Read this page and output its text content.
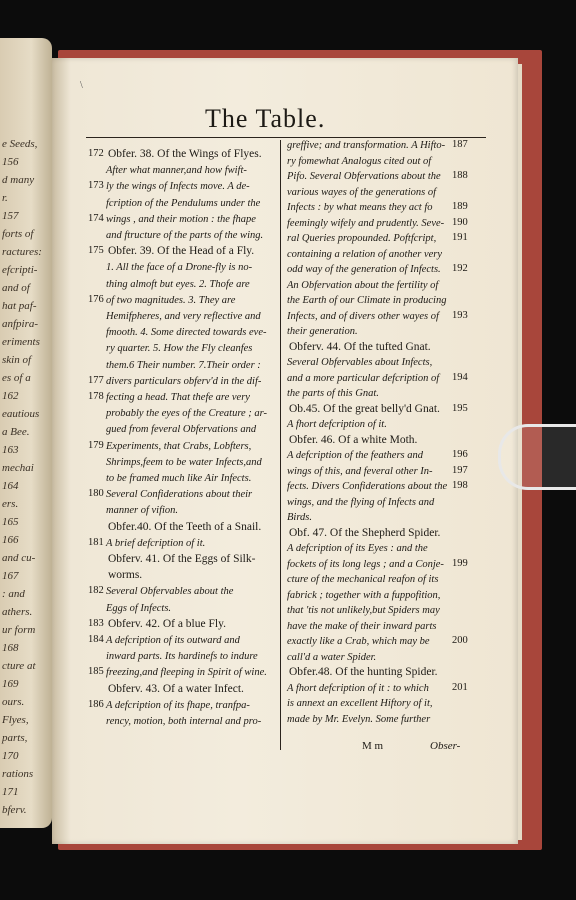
e Seeds,
156
d many
r.
157
forts of
ractures:
efcripti-
and of
hat paf-
anfpira-
eriments
skin of
es of a
162
eautious
a Bee.
163
mechai
164
ers.
165
166
and cu-
167
: and
athers.
ur form
168
cture at
169
ours.
Flyes,
parts,
170
rations
171
bferv.
\
The Table.
172 Obfer. 38. Of the Wings of Flyes.
After what manner,and how fwift-
173 ly the wings of Infects move. A de-
fcription of the Pendulums under the
174 wings , and their motion : the fhape
and ftructure of the parts of the wing.
175 Obfer. 39. Of the Head of a Fly.
1. All the face of a Drone-fly is no-
thing almoft but eyes. 2. Thofe are
176 of two magnitudes. 3. They are
Hemifpheres, and very reflective and
fmooth. 4. Some directed towards eve-
ry quarter. 5. How the Fly cleanfes
them.6 Their number. 7.Their order :
177 divers particulars obferv'd in the dif-
178 fecting a head. That thefe are very
probably the eyes of the Creature ; ar-
gued from feveral Obfervations and
179 Experiments, that Crabs, Lobfters,
Shrimps,feem to be water Infects,and
to be framed much like Air Infects.
180 Several Confiderations about their
manner of vifion.
Obfer.40. Of the Teeth of a Snail.
181 A brief defcription of it.
Obferv. 41. Of the Eggs of Silk-
worms.
182 Several Obfervables about the
Eggs of Infects.
183 Obferv. 42. Of a blue Fly.
184 A defcription of its outward and
inward parts. Its hardinefs to indure
185 freezing,and fleeping in Spirit of wine.
Obferv. 43. Of a water Infect.
186 A defcription of its fhape, tranfpa-
rency, motion, both internal and pro-
187
greffive; and transformation. A Hifto-
ry fomewhat Analogus cited out of
188
Pifo. Several Obfervations about the
various wayes of the generations of
189
Infects : by what means they act fo
190
feemingly wifely and prudently. Seve-
191
ral Queries propounded. Poftfcript,
containing a relation of another very
192
odd way of the generation of Infects.
An Obfervation about the fertility of
the Earth of our Climate in producing
193
Infects, and of divers other wayes of
their generation.
Obferv. 44. Of the tufted Gnat.
Several Obfervables about Infects,
194
and a more particular defcription of
the parts of this Gnat.
195
Ob.45. Of the great belly'd Gnat.
A fhort defcription of it.
Obfer. 46. Of a white Moth.
196
A defcription of the feathers and
197
wings of this, and feveral other In-
198
fects. Divers Confiderations about the
wings, and the flying of Infects and
Birds.
Obf. 47. Of the Shepherd Spider.
A defcription of its Eyes : and the
199
fockets of its long legs ; and a Conje-
cture of the mechanical reafon of its
fabrick ; together with a fuppofition,
that 'tis not unlikely,but Spiders may
have the make of their inward parts
200
exactly like a Crab, which may be
call'd a water Spider.
Obfer.48. Of the hunting Spider.
201
A fhort defcription of it : to which
is annext an excellent Hiftory of it,
made by Mr. Evelyn. Some further
M m	Obser-
